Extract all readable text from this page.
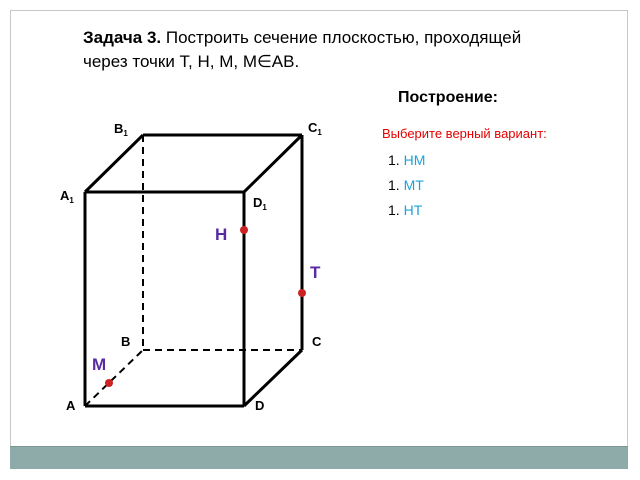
Задача 3. Построить сечение плоскостью, проходящей через точки Т, Н, М, М∈АВ.
Построение:
Выберите верный вариант:
1. НМ
1. МТ
1. НТ
H
T
M
$B_1$	$C_1$
$A_1$	$D_1$
B	C
A	D
